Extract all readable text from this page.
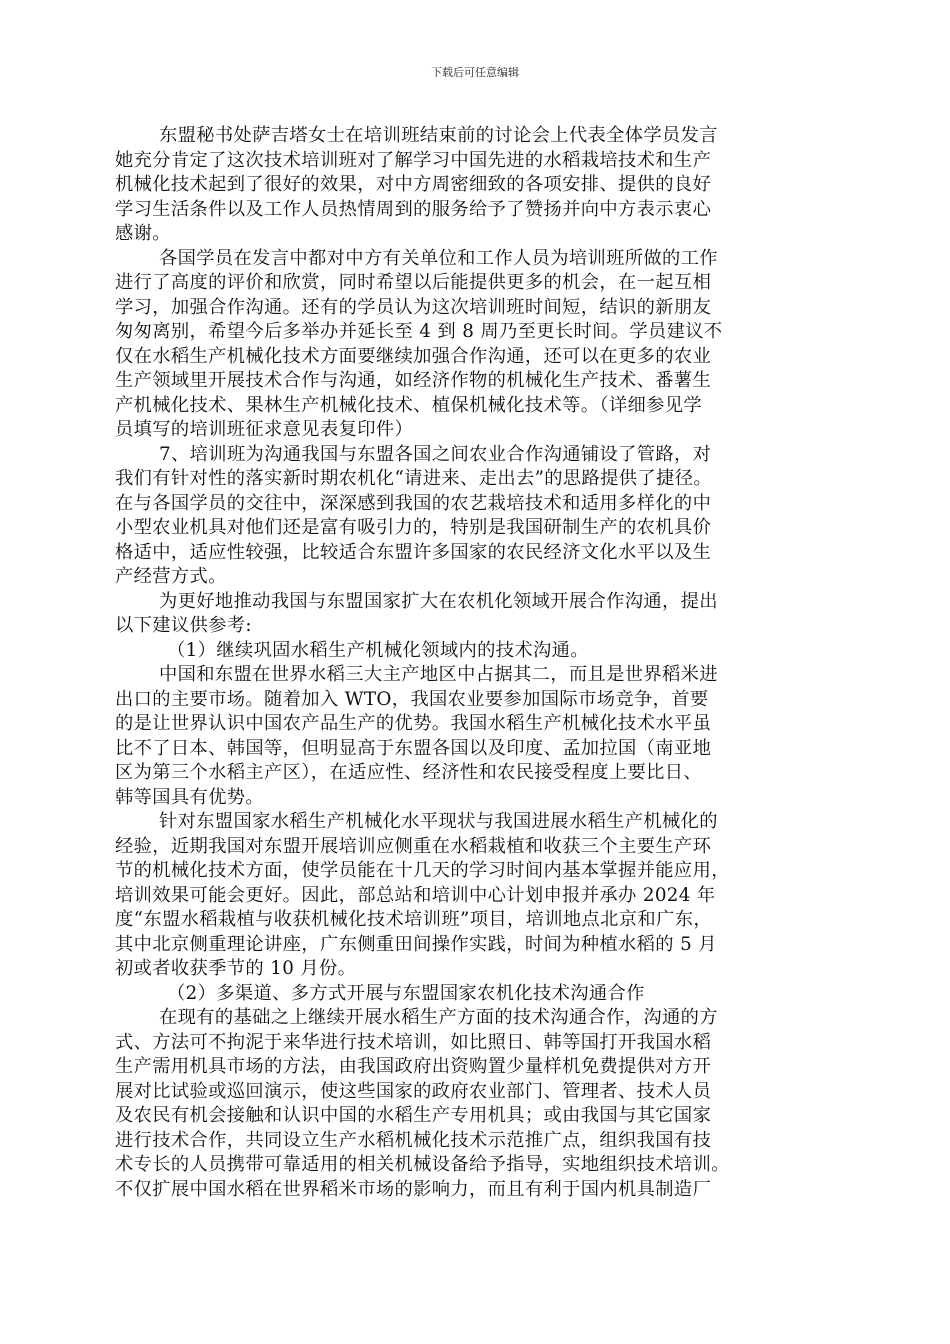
下载后可任意编辑
东盟秘书处萨吉塔女士在培训班结束前的讨论会上代表全体学员发言
她充分肯定了这次技术培训班对了解学习中国先进的水稻栽培技术和生产
机械化技术起到了很好的效果，对中方周密细致的各项安排、提供的良好
学习生活条件以及工作人员热情周到的服务给予了赞扬并向中方表示衷心
感谢。
各国学员在发言中都对中方有关单位和工作人员为培训班所做的工作
进行了高度的评价和欣赏，同时希望以后能提供更多的机会，在一起互相
学习，加强合作沟通。还有的学员认为这次培训班时间短，结识的新朋友
匆匆离别，希望今后多举办并延长至 4 到 8 周乃至更长时间。学员建议不
仅在水稻生产机械化技术方面要继续加强合作沟通，还可以在更多的农业
生产领域里开展技术合作与沟通，如经济作物的机械化生产技术、番薯生
产机械化技术、果林生产机械化技术、植保机械化技术等。（详细参见学
员填写的培训班征求意见表复印件）
7、培训班为沟通我国与东盟各国之间农业合作沟通铺设了管路，对
我们有针对性的落实新时期农机化“请进来、走出去”的思路提供了捷径。
在与各国学员的交往中，深深感到我国的农艺栽培技术和适用多样化的中
小型农业机具对他们还是富有吸引力的，特别是我国研制生产的农机具价
格适中，适应性较强，比较适合东盟许多国家的农民经济文化水平以及生
产经营方式。
为更好地推动我国与东盟国家扩大在农机化领域开展合作沟通，提出
以下建议供参考:
（1）继续巩固水稻生产机械化领域内的技术沟通。
中国和东盟在世界水稻三大主产地区中占据其二，而且是世界稻米进
出口的主要市场。随着加入 WTO，我国农业要参加国际市场竞争，首要
的是让世界认识中国农产品生产的优势。我国水稻生产机械化技术水平虽
比不了日本、韩国等，但明显高于东盟各国以及印度、孟加拉国（南亚地
区为第三个水稻主产区），在适应性、经济性和农民接受程度上要比日、
韩等国具有优势。
针对东盟国家水稻生产机械化水平现状与我国进展水稻生产机械化的
经验，近期我国对东盟开展培训应侧重在水稻栽植和收获三个主要生产环
节的机械化技术方面，使学员能在十几天的学习时间内基本掌握并能应用，
培训效果可能会更好。因此，部总站和培训中心计划申报并承办 2024 年
度“东盟水稻栽植与收获机械化技术培训班”项目，培训地点北京和广东，
其中北京侧重理论讲座，广东侧重田间操作实践，时间为种植水稻的 5 月
初或者收获季节的 10 月份。
（2）多渠道、多方式开展与东盟国家农机化技术沟通合作
在现有的基础之上继续开展水稻生产方面的技术沟通合作，沟通的方
式、方法可不拘泥于来华进行技术培训，如比照日、韩等国打开我国水稻
生产需用机具市场的方法，由我国政府出资购置少量样机免费提供对方开
展对比试验或巡回演示，使这些国家的政府农业部门、管理者、技术人员
及农民有机会接触和认识中国的水稻生产专用机具；或由我国与其它国家
进行技术合作，共同设立生产水稻机械化技术示范推广点，组织我国有技
术专长的人员携带可靠适用的相关机械设备给予指导，实地组织技术培训。
不仅扩展中国水稻在世界稻米市场的影响力，而且有利于国内机具制造厂
